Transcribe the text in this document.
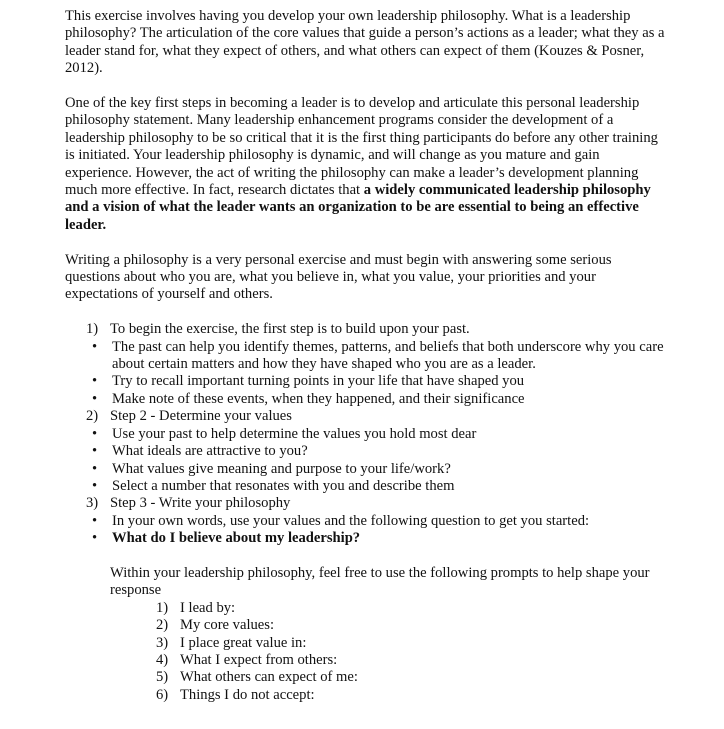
This exercise involves having you develop your own leadership philosophy. What is a leadership philosophy? The articulation of the core values that guide a person’s actions as a leader; what they as a leader stand for, what they expect of others, and what others can expect of them (Kouzes & Posner, 2012).

One of the key first steps in becoming a leader is to develop and articulate this personal leadership philosophy statement. Many leadership enhancement programs consider the development of a leadership philosophy to be so critical that it is the first thing participants do before any other training is initiated. Your leadership philosophy is dynamic, and will change as you mature and gain experience. However, the act of writing the philosophy can make a leader’s development planning much more effective. In fact, research dictates that a widely communicated leadership philosophy and a vision of what the leader wants an organization to be are essential to being an effective leader.

Writing a philosophy is a very personal exercise and must begin with answering some serious questions about who you are, what you believe in, what you value, your priorities and your expectations of yourself and others.

1) To begin the exercise, the first step is to build upon your past.
• The past can help you identify themes, patterns, and beliefs that both underscore why you care about certain matters and how they have shaped who you are as a leader.
• Try to recall important turning points in your life that have shaped you
• Make note of these events, when they happened, and their significance
2) Step 2 - Determine your values
• Use your past to help determine the values you hold most dear
• What ideals are attractive to you?
• What values give meaning and purpose to your life/work?
• Select a number that resonates with you and describe them
3) Step 3 - Write your philosophy
• In your own words, use your values and the following question to get you started:
• What do I believe about my leadership?

Within your leadership philosophy, feel free to use the following prompts to help shape your response

1) I lead by:
2) My core values:
3) I place great value in:
4) What I expect from others:
5) What others can expect of me:
6) Things I do not accept:
